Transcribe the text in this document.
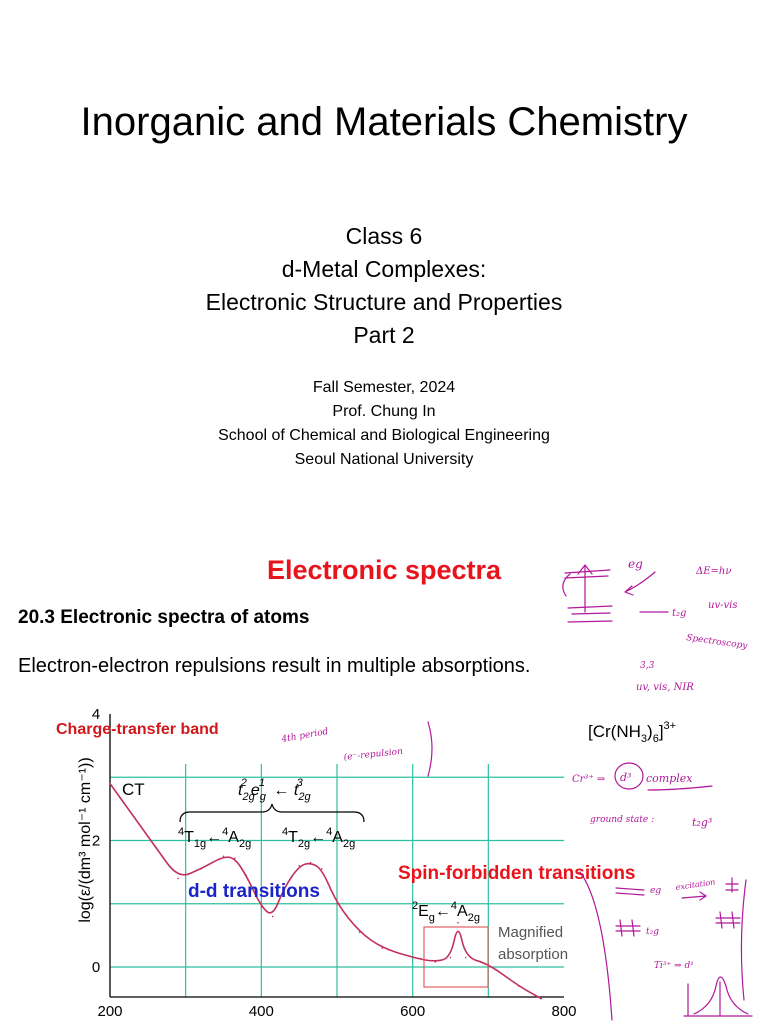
Inorganic and Materials Chemistry
Class 6
d-Metal Complexes:
Electronic Structure and Properties
Part 2
Fall Semester, 2024
Prof. Chung In
School of Chemical and Biological Engineering
Seoul National University
Electronic spectra
20.3 Electronic spectra of atoms
Electron-electron repulsions result in multiple absorptions.
200	400	600	800
0
2
4
log(ε/(dm³ mol⁻¹ cm⁻¹))
Charge-transfer band
CT	$t_{2g}2$ $e_g1$ ← $t_{2g}3$
$^4T_{1g}\leftarrow^4A_{2g}$
$^4T_{2g}\leftarrow^4A_{2g}$
$^2E_g\leftarrow^4A_{2g}$
d-d transitions
Spin-forbidden transitions
Magnified
absorption
$[Cr(NH_3)_6]^{3+}$
eg
t₂g
ΔE=hν
uv-vis
Spectroscopy
3,3
uv, vis, NIR
4th period
(e⁻-repulsion
Cr³⁺ ⇒ d³ complex
ground state :	t₂g³
eg excitation
t₂g
Ti³⁺ ⇒ d¹
